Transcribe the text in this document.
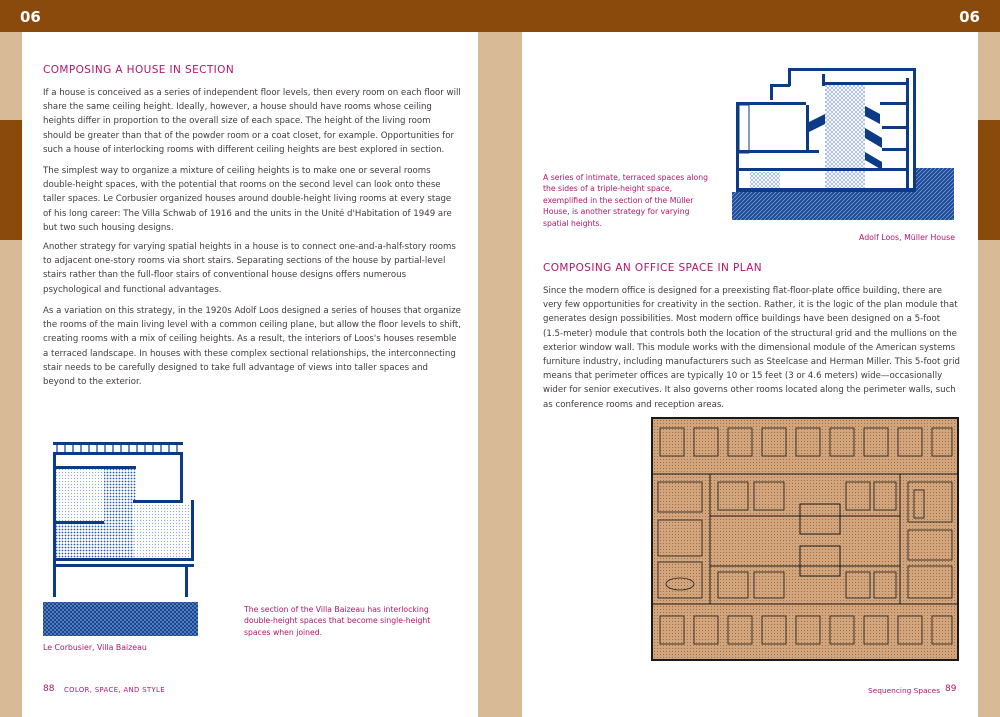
06	06
COMPOSING A HOUSE IN SECTION

If a house is conceived as a series of independent floor levels, then every room on each floor will share the same ceiling height. Ideally, however, a house should have rooms whose ceiling heights differ in proportion to the overall size of each space. The height of the living room should be greater than that of the powder room or a coat closet, for example. Opportunities for such a house of interlocking rooms with different ceiling heights are best explored in section.

The simplest way to organize a mixture of ceiling heights is to make one or several rooms double-height spaces, with the potential that rooms on the second level can look onto these taller spaces. Le Corbusier organized houses around double-height living rooms at every stage of his long career: The Villa Schwab of 1916 and the units in the Unité d'Habitation of 1949 are but two such housing designs.

Another strategy for varying spatial heights in a house is to connect one-and-a-half-story rooms to adjacent one-story rooms via short stairs. Separating sections of the house by partial-level stairs rather than the full-floor stairs of conventional house designs offers numerous psychological and functional advantages.

As a variation on this strategy, in the 1920s Adolf Loos designed a series of houses that organize the rooms of the main living level with a common ceiling plane, but allow the floor levels to shift, creating rooms with a mix of ceiling heights. As a result, the interiors of Loos's houses resemble a terraced landscape. In houses with these complex sectional relationships, the interconnecting stair needs to be carefully designed to take full advantage of views into taller spaces and beyond to the exterior.

The section of the Villa Baizeau has interlocking double-height spaces that become single-height spaces when joined.

Le Corbusier, Villa Baizeau
88 COLOR, SPACE, AND STYLE

A series of intimate, terraced spaces along the sides of a triple-height space, exemplified in the section of the Müller House, is another strategy for varying spatial heights.

Adolf Loos, Müller House
COMPOSING AN OFFICE SPACE IN PLAN

Since the modern office is designed for a preexisting flat-floor-plate office building, there are very few opportunities for creativity in the section. Rather, it is the logic of the plan module that generates design possibilities. Most modern office buildings have been designed on a 5-foot (1.5-meter) module that controls both the location of the structural grid and the mullions on the exterior window wall. This module works with the dimensional module of the American systems furniture industry, including manufacturers such as Steelcase and Herman Miller. This 5-foot grid means that perimeter offices are typically 10 or 15 feet (3 or 4.6 meters) wide—occasionally wider for senior executives. It also governs other rooms located along the perimeter walls, such as conference rooms and reception areas.

Sequencing Spaces 89
